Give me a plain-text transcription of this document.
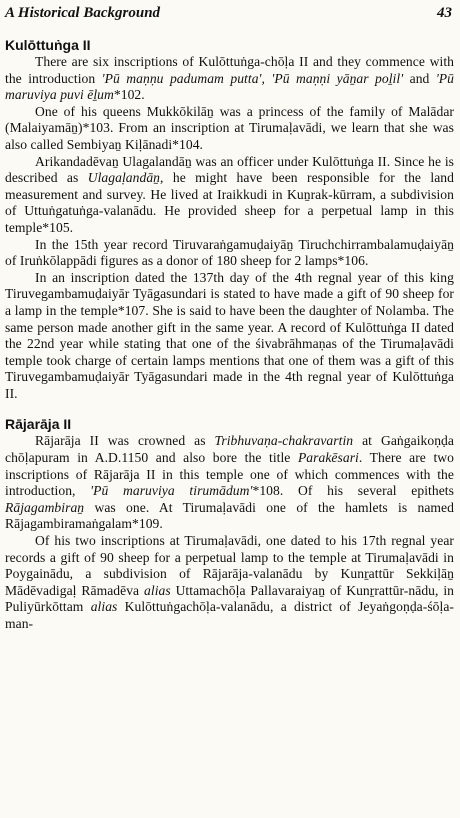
A Historical Background	43
Kulōttuṅga II

There are six inscriptions of Kulōttuṅga-chōḷa II and they commence with the introduction 'Pū maṇṇu padumam putta', 'Pū maṇṇi yāṉar poḻil' and 'Pū maruviya puvi ēḻum*102.

One of his queens Mukkōkilāṉ was a princess of the family of Malādar (Malaiyamāṉ)*103. From an inscription at Tirumaḷavādi, we learn that she was also called Sembiyaṉ Kiḷānadi*104.

Arikandadēvaṉ Ulagalandāṉ was an officer under Kulōttuṅga II. Since he is described as Ulagaḷandāṉ, he might have been responsible for the land measurement and survey. He lived at Iraikkudi in Kuṉrak-kūrram, a subdivision of Uttuṅgatuṅga-valanādu. He provided sheep for a perpetual lamp in this temple*105.

In the 15th year record Tiruvaraṅgamuḍaiyāṉ Tiruchchirrambalamuḍaiyāṉ of Iruṅkōlappādi figures as a donor of 180 sheep for 2 lamps*106.

In an inscription dated the 137th day of the 4th regnal year of this king Tiruvegambamuḍaiyār Tyāgasundari is stated to have made a gift of 90 sheep for a lamp in the temple*107. She is said to have been the daughter of Nolamba. The same person made another gift in the same year. A record of Kulōttuṅga II dated the 22nd year while stating that one of the śivabrāhmaṇas of the Tirumaḷavādi temple took charge of certain lamps mentions that one of them was a gift of this Tiruvegambamuḍaiyār Tyāgasundari made in the 4th regnal year of Kulōttuṅga II.

Rājarāja II

Rājarāja II was crowned as Tribhuvaṇa-chakravartin at Gaṅgaikoṇḍa chōḷapuram in A.D.1150 and also bore the title Parakēsari. There are two inscriptions of Rājarāja II in this temple one of which commences with the introduction, 'Pū maruviya tirumādum'*108. Of his several epithets Rājagambiraṉ was one. At Tirumaḷavādi one of the hamlets is named Rājagambiramaṅgalam*109.

Of his two inscriptions at Tirumaḷavādi, one dated to his 17th regnal year records a gift of 90 sheep for a perpetual lamp to the temple at Tirumaḷavādi in Poygainādu, a subdivision of Rājarāja-valanādu by Kunṟattūr Sekkiḷāṉ Mādēvadigaḷ Rāmadēva alias Uttamachōḷa Pallavaraiyaṉ of Kunṟrattūr-nādu, in Puliyūrkōttam alias Kulōttuṅgachōḷa-valanādu, a district of Jeyaṅgoṇḍa-śōḷa-man-
